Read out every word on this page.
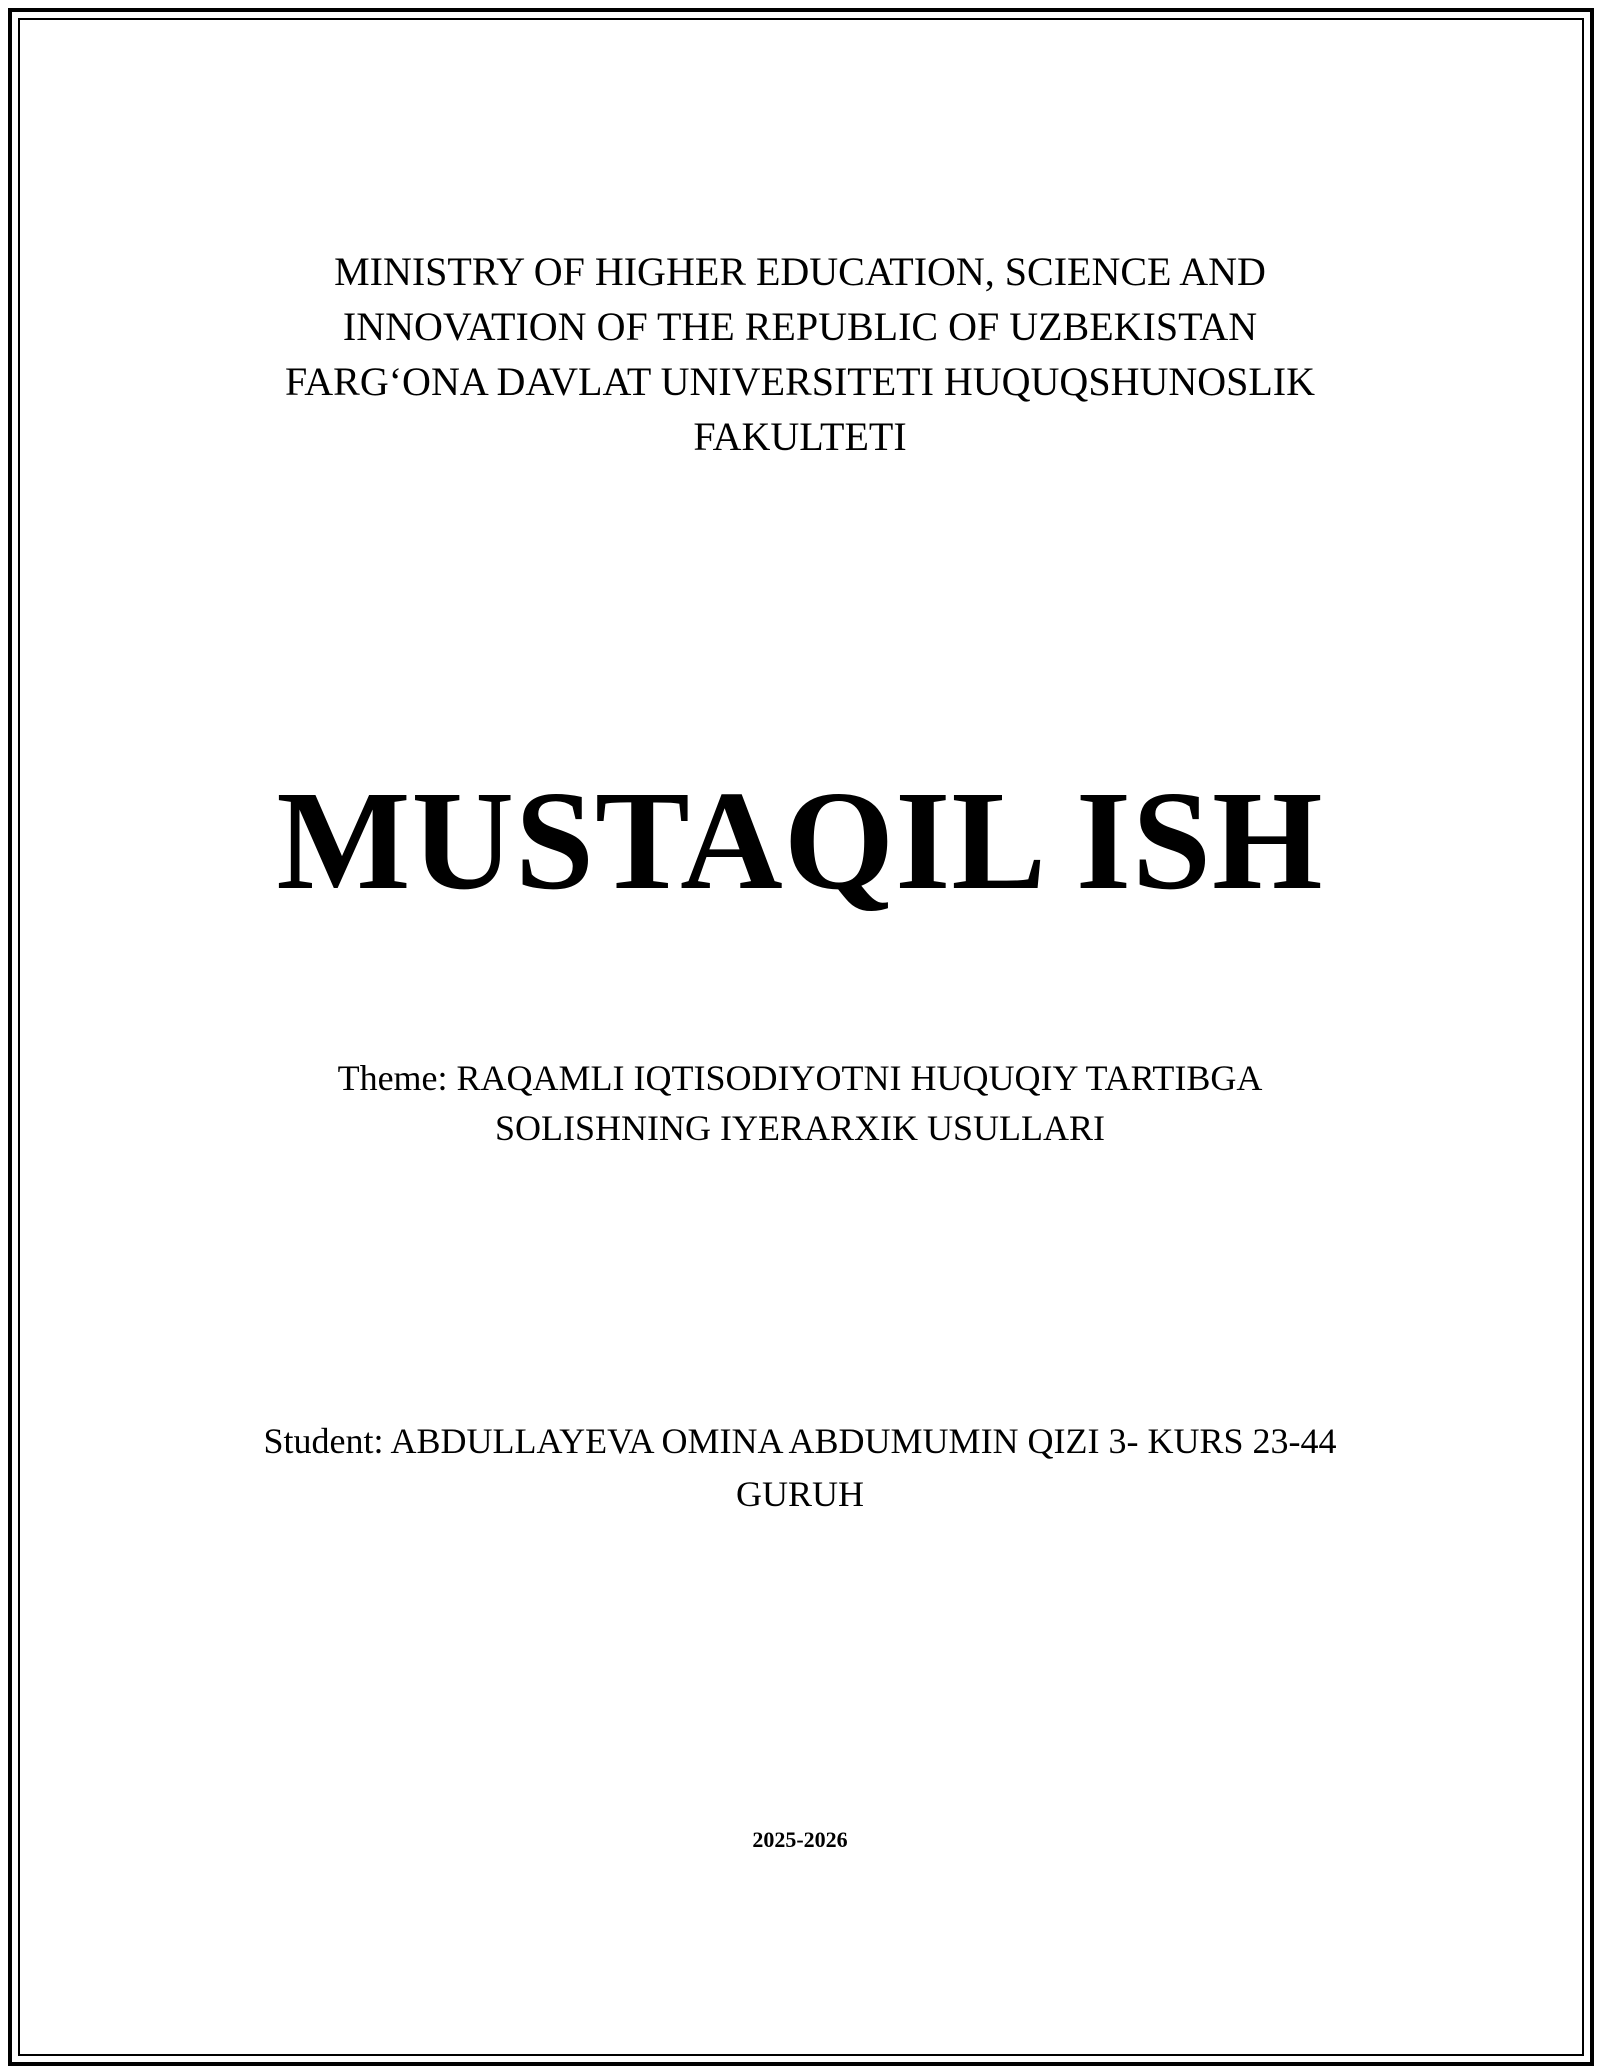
MINISTRY OF HIGHER EDUCATION, SCIENCE AND
INNOVATION OF THE REPUBLIC OF UZBEKISTAN
FARG‘ONA DAVLAT UNIVERSITETI HUQUQSHUNOSLIK
FAKULTETI
MUSTAQIL ISH
Theme: RAQAMLI IQTISODIYOTNI HUQUQIY TARTIBGA
SOLISHNING IYERARXIK USULLARI
Student: ABDULLAYEVA OMINA ABDUMUMIN QIZI 3- KURS 23-44
GURUH
2025-2026
